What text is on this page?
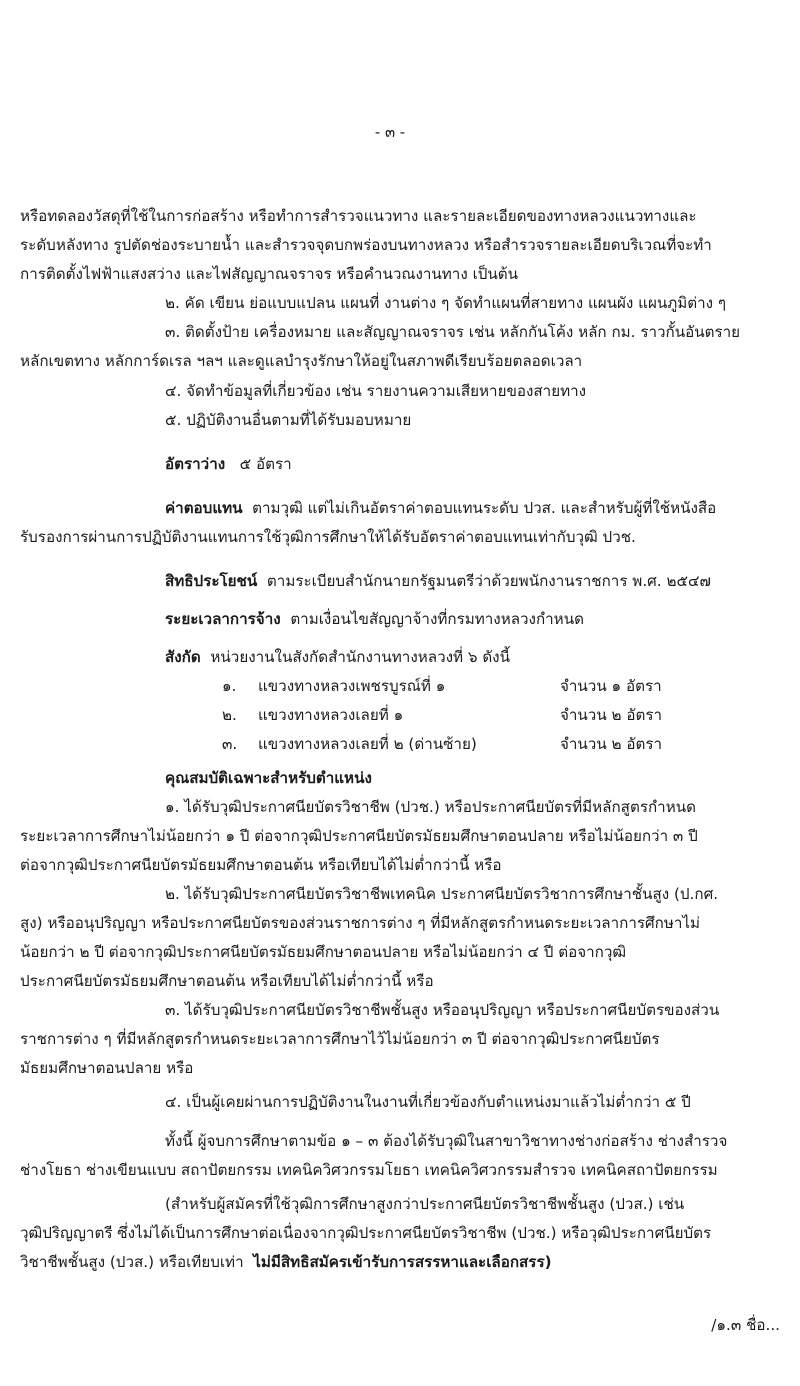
- ๓ -
หรือทดลองวัสดุที่ใช้ในการก่อสร้าง หรือทำการสำรวจแนวทาง และรายละเอียดของทางหลวงแนวทางและ
ระดับหลังทาง รูปตัดช่องระบายน้ำ และสำรวจจุดบกพร่องบนทางหลวง หรือสำรวจรายละเอียดบริเวณที่จะทำ
การติดตั้งไฟฟ้าแสงสว่าง และไฟสัญญาณจราจร หรือคำนวณงานทาง เป็นต้น
๒. คัด เขียน ย่อแบบแปลน แผนที่ งานต่าง ๆ จัดทำแผนที่สายทาง แผนผัง แผนภูมิต่าง ๆ
๓. ติดตั้งป้าย เครื่องหมาย และสัญญาณจราจร เช่น หลักกันโค้ง หลัก กม. ราวกั้นอันตราย
หลักเขตทาง หลักการ์ดเรล ฯลฯ และดูแลบำรุงรักษาให้อยู่ในสภาพดีเรียบร้อยตลอดเวลา
๔. จัดทำข้อมูลที่เกี่ยวข้อง เช่น รายงานความเสียหายของสายทาง
๕. ปฏิบัติงานอื่นตามที่ได้รับมอบหมาย
อัตราว่าง ๕ อัตรา
ค่าตอบแทน ตามวุฒิ แต่ไม่เกินอัตราค่าตอบแทนระดับ ปวส. และสำหรับผู้ที่ใช้หนังสือ
รับรองการผ่านการปฏิบัติงานแทนการใช้วุฒิการศึกษาให้ได้รับอัตราค่าตอบแทนเท่ากับวุฒิ ปวช.
สิทธิประโยชน์ ตามระเบียบสำนักนายกรัฐมนตรีว่าด้วยพนักงานราชการ พ.ศ. ๒๕๔๗
ระยะเวลาการจ้าง ตามเงื่อนไขสัญญาจ้างที่กรมทางหลวงกำหนด
สังกัด หน่วยงานในสังกัดสำนักงานทางหลวงที่ ๖ ดังนี้
๑. แขวงทางหลวงเพชรบูรณ์ที่ ๑	จำนวน ๑ อัตรา
๒. แขวงทางหลวงเลยที่ ๑	จำนวน ๒ อัตรา
๓. แขวงทางหลวงเลยที่ ๒ (ด่านซ้าย)	จำนวน ๒ อัตรา
คุณสมบัติเฉพาะสำหรับตำแหน่ง
๑. ได้รับวุฒิประกาศนียบัตรวิชาชีพ (ปวช.) หรือประกาศนียบัตรที่มีหลักสูตรกำหนด
ระยะเวลาการศึกษาไม่น้อยกว่า ๑ ปี ต่อจากวุฒิประกาศนียบัตรมัธยมศึกษาตอนปลาย หรือไม่น้อยกว่า ๓ ปี
ต่อจากวุฒิประกาศนียบัตรมัธยมศึกษาตอนต้น หรือเทียบได้ไม่ต่ำกว่านี้ หรือ
๒. ได้รับวุฒิประกาศนียบัตรวิชาชีพเทคนิค ประกาศนียบัตรวิชาการศึกษาชั้นสูง (ป.กศ.
สูง) หรืออนุปริญญา หรือประกาศนียบัตรของส่วนราชการต่าง ๆ ที่มีหลักสูตรกำหนดระยะเวลาการศึกษาไม่
น้อยกว่า ๒ ปี ต่อจากวุฒิประกาศนียบัตรมัธยมศึกษาตอนปลาย หรือไม่น้อยกว่า ๔ ปี ต่อจากวุฒิ
ประกาศนียบัตรมัธยมศึกษาตอนต้น หรือเทียบได้ไม่ต่ำกว่านี้ หรือ
๓. ได้รับวุฒิประกาศนียบัตรวิชาชีพชั้นสูง หรืออนุปริญญา หรือประกาศนียบัตรของส่วน
ราชการต่าง ๆ ที่มีหลักสูตรกำหนดระยะเวลาการศึกษาไว้ไม่น้อยกว่า ๓ ปี ต่อจากวุฒิประกาศนียบัตร
มัธยมศึกษาตอนปลาย หรือ
๔. เป็นผู้เคยผ่านการปฏิบัติงานในงานที่เกี่ยวข้องกับตำแหน่งมาแล้วไม่ต่ำกว่า ๕ ปี
ทั้งนี้ ผู้จบการศึกษาตามข้อ ๑ – ๓ ต้องได้รับวุฒิในสาขาวิชาทางช่างก่อสร้าง ช่างสำรวจ
ช่างโยธา ช่างเขียนแบบ สถาปัตยกรรม เทคนิควิศวกรรมโยธา เทคนิควิศวกรรมสำรวจ เทคนิคสถาปัตยกรรม
(สำหรับผู้สมัครที่ใช้วุฒิการศึกษาสูงกว่าประกาศนียบัตรวิชาชีพชั้นสูง (ปวส.) เช่น
วุฒิปริญญาตรี ซึ่งไม่ได้เป็นการศึกษาต่อเนื่องจากวุฒิประกาศนียบัตรวิชาชีพ (ปวช.) หรือวุฒิประกาศนียบัตร
วิชาชีพชั้นสูง (ปวส.) หรือเทียบเท่า ไม่มีสิทธิสมัครเข้ารับการสรรหาและเลือกสรร)
/๑.๓ ชื่อ...
